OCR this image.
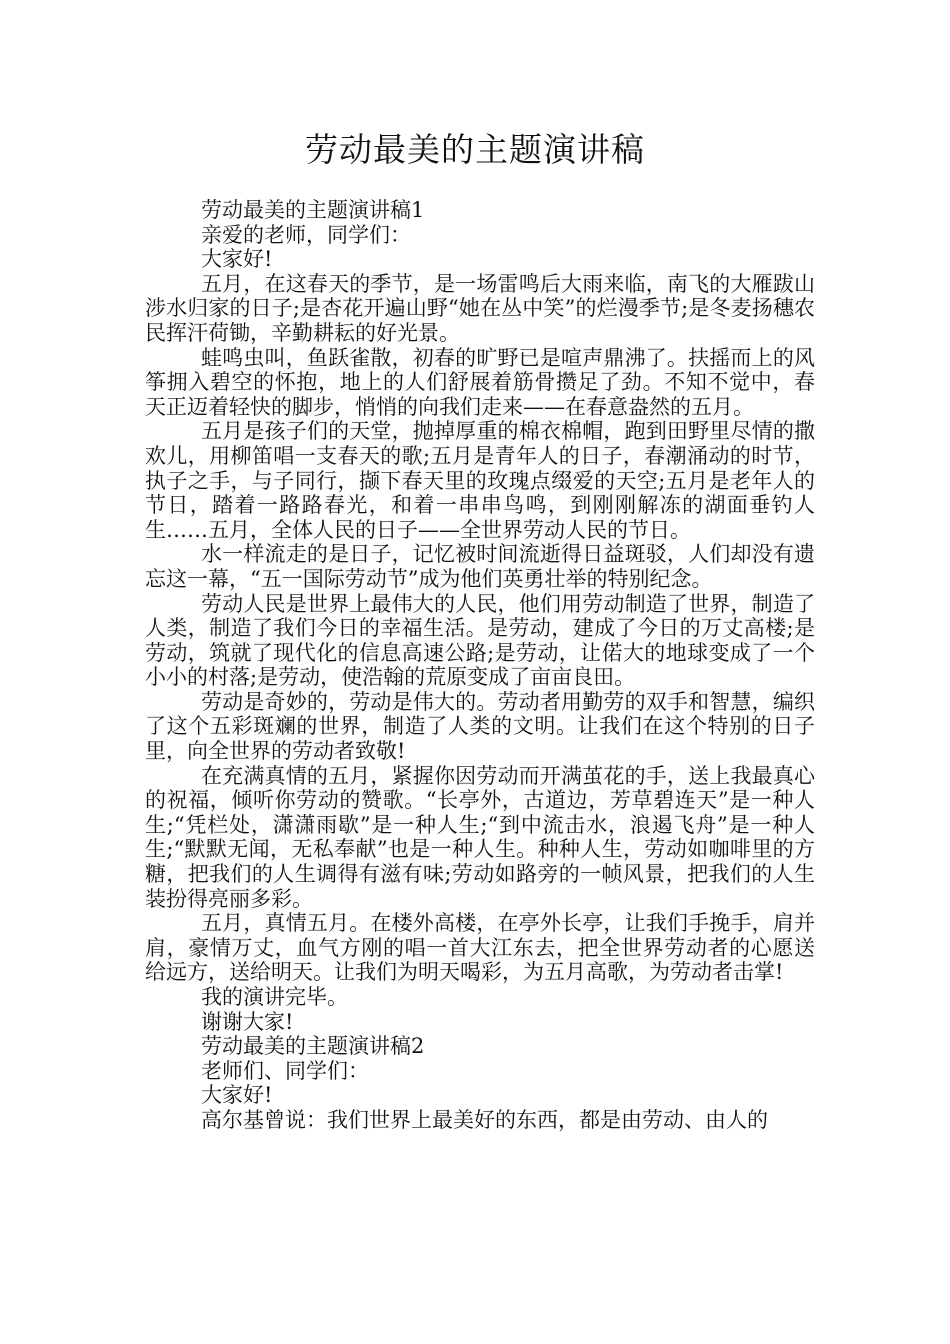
劳动最美的主题演讲稿

劳动最美的主题演讲稿1

亲爱的老师，同学们：

大家好!

五月，在这春天的季节，是一场雷鸣后大雨来临，南飞的大雁跋山涉水归家的日子;是杏花开遍山野“她在丛中笑”的烂漫季节;是冬麦扬穗农民挥汗荷锄，辛勤耕耘的好光景。

蛙鸣虫叫，鱼跃雀散，初春的旷野已是喧声鼎沸了。扶摇而上的风筝拥入碧空的怀抱，地上的人们舒展着筋骨攒足了劲。不知不觉中，春天正迈着轻快的脚步，悄悄的向我们走来——在春意盎然的五月。

五月是孩子们的天堂，抛掉厚重的棉衣棉帽，跑到田野里尽情的撒欢儿，用柳笛唱一支春天的歌;五月是青年人的日子，春潮涌动的时节，执子之手，与子同行，撷下春天里的玫瑰点缀爱的天空;五月是老年人的节日，踏着一路路春光，和着一串串鸟鸣，到刚刚解冻的湖面垂钓人生……五月，全体人民的日子——全世界劳动人民的节日。

水一样流走的是日子，记忆被时间流逝得日益斑驳，人们却没有遗忘这一幕，“五一国际劳动节”成为他们英勇壮举的特别纪念。

劳动人民是世界上最伟大的人民，他们用劳动制造了世界，制造了人类，制造了我们今日的幸福生活。是劳动，建成了今日的万丈高楼;是劳动，筑就了现代化的信息高速公路;是劳动，让偌大的地球变成了一个小小的村落;是劳动，使浩翰的荒原变成了亩亩良田。

劳动是奇妙的，劳动是伟大的。劳动者用勤劳的双手和智慧，编织了这个五彩斑斓的世界，制造了人类的文明。让我们在这个特别的日子里，向全世界的劳动者致敬!

在充满真情的五月，紧握你因劳动而开满茧花的手，送上我最真心的祝福，倾听你劳动的赞歌。“长亭外，古道边，芳草碧连天”是一种人生;“凭栏处，潇潇雨歇”是一种人生;“到中流击水，浪遏飞舟”是一种人生;“默默无闻，无私奉献”也是一种人生。种种人生，劳动如咖啡里的方糖，把我们的人生调得有滋有味;劳动如路旁的一帧风景，把我们的人生装扮得亮丽多彩。

五月，真情五月。在楼外高楼，在亭外长亭，让我们手挽手，肩并肩，豪情万丈，血气方刚的唱一首大江东去，把全世界劳动者的心愿送给远方，送给明天。让我们为明天喝彩，为五月高歌，为劳动者击掌!

我的演讲完毕。

谢谢大家!

劳动最美的主题演讲稿2

老师们、同学们：

大家好!

高尔基曾说：我们世界上最美好的东西，都是由劳动、由人的
